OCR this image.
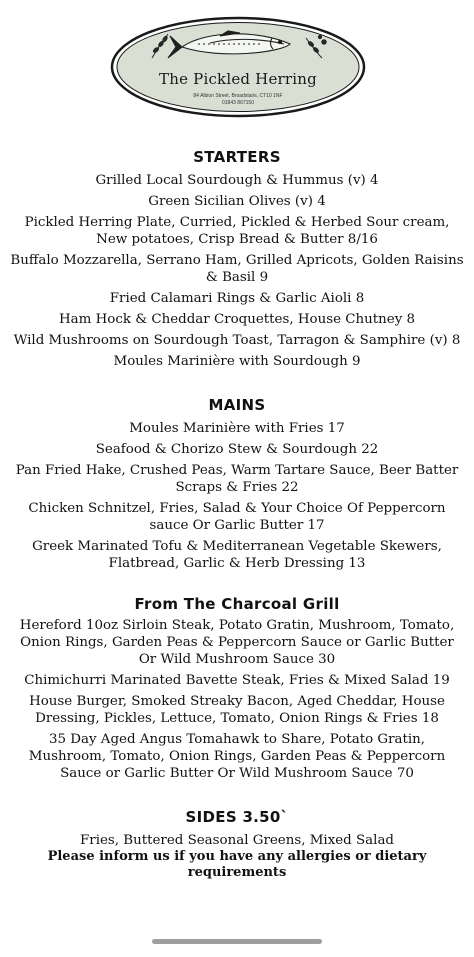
The Pickled Herring
84 Albion Street, Broadstairs, CT10 1NF
01843 867150
STARTERS
Grilled Local Sourdough & Hummus (v) 4
Green Sicilian Olives (v) 4
Pickled Herring Plate, Curried, Pickled & Herbed Sour cream, New potatoes, Crisp Bread & Butter 8/16
Buffalo Mozzarella, Serrano Ham, Grilled Apricots, Golden Raisins & Basil 9
Fried Calamari Rings & Garlic Aioli 8
Ham Hock & Cheddar Croquettes, House Chutney 8
Wild Mushrooms on Sourdough Toast, Tarragon & Samphire (v) 8
Moules Marinière with Sourdough 9
MAINS
Moules Marinière with Fries 17
Seafood & Chorizo Stew & Sourdough 22
Pan Fried Hake, Crushed Peas, Warm Tartare Sauce, Beer Batter Scraps & Fries 22
Chicken Schnitzel, Fries, Salad & Your Choice Of Peppercorn sauce Or Garlic Butter 17
Greek Marinated Tofu & Mediterranean Vegetable Skewers, Flatbread, Garlic & Herb Dressing 13
From The Charcoal Grill
Hereford 10oz Sirloin Steak, Potato Gratin, Mushroom, Tomato, Onion Rings, Garden Peas & Peppercorn Sauce or Garlic Butter Or Wild Mushroom Sauce 30
Chimichurri Marinated Bavette Steak, Fries & Mixed Salad 19
House Burger, Smoked Streaky Bacon, Aged Cheddar, House Dressing, Pickles, Lettuce, Tomato, Onion Rings & Fries 18
35 Day Aged Angus Tomahawk to Share, Potato Gratin, Mushroom, Tomato, Onion Rings, Garden Peas & Peppercorn Sauce or Garlic Butter Or Wild Mushroom Sauce 70
SIDES 3.50`
Fries, Buttered Seasonal Greens, Mixed Salad
Please inform us if you have any allergies or dietary requirements
